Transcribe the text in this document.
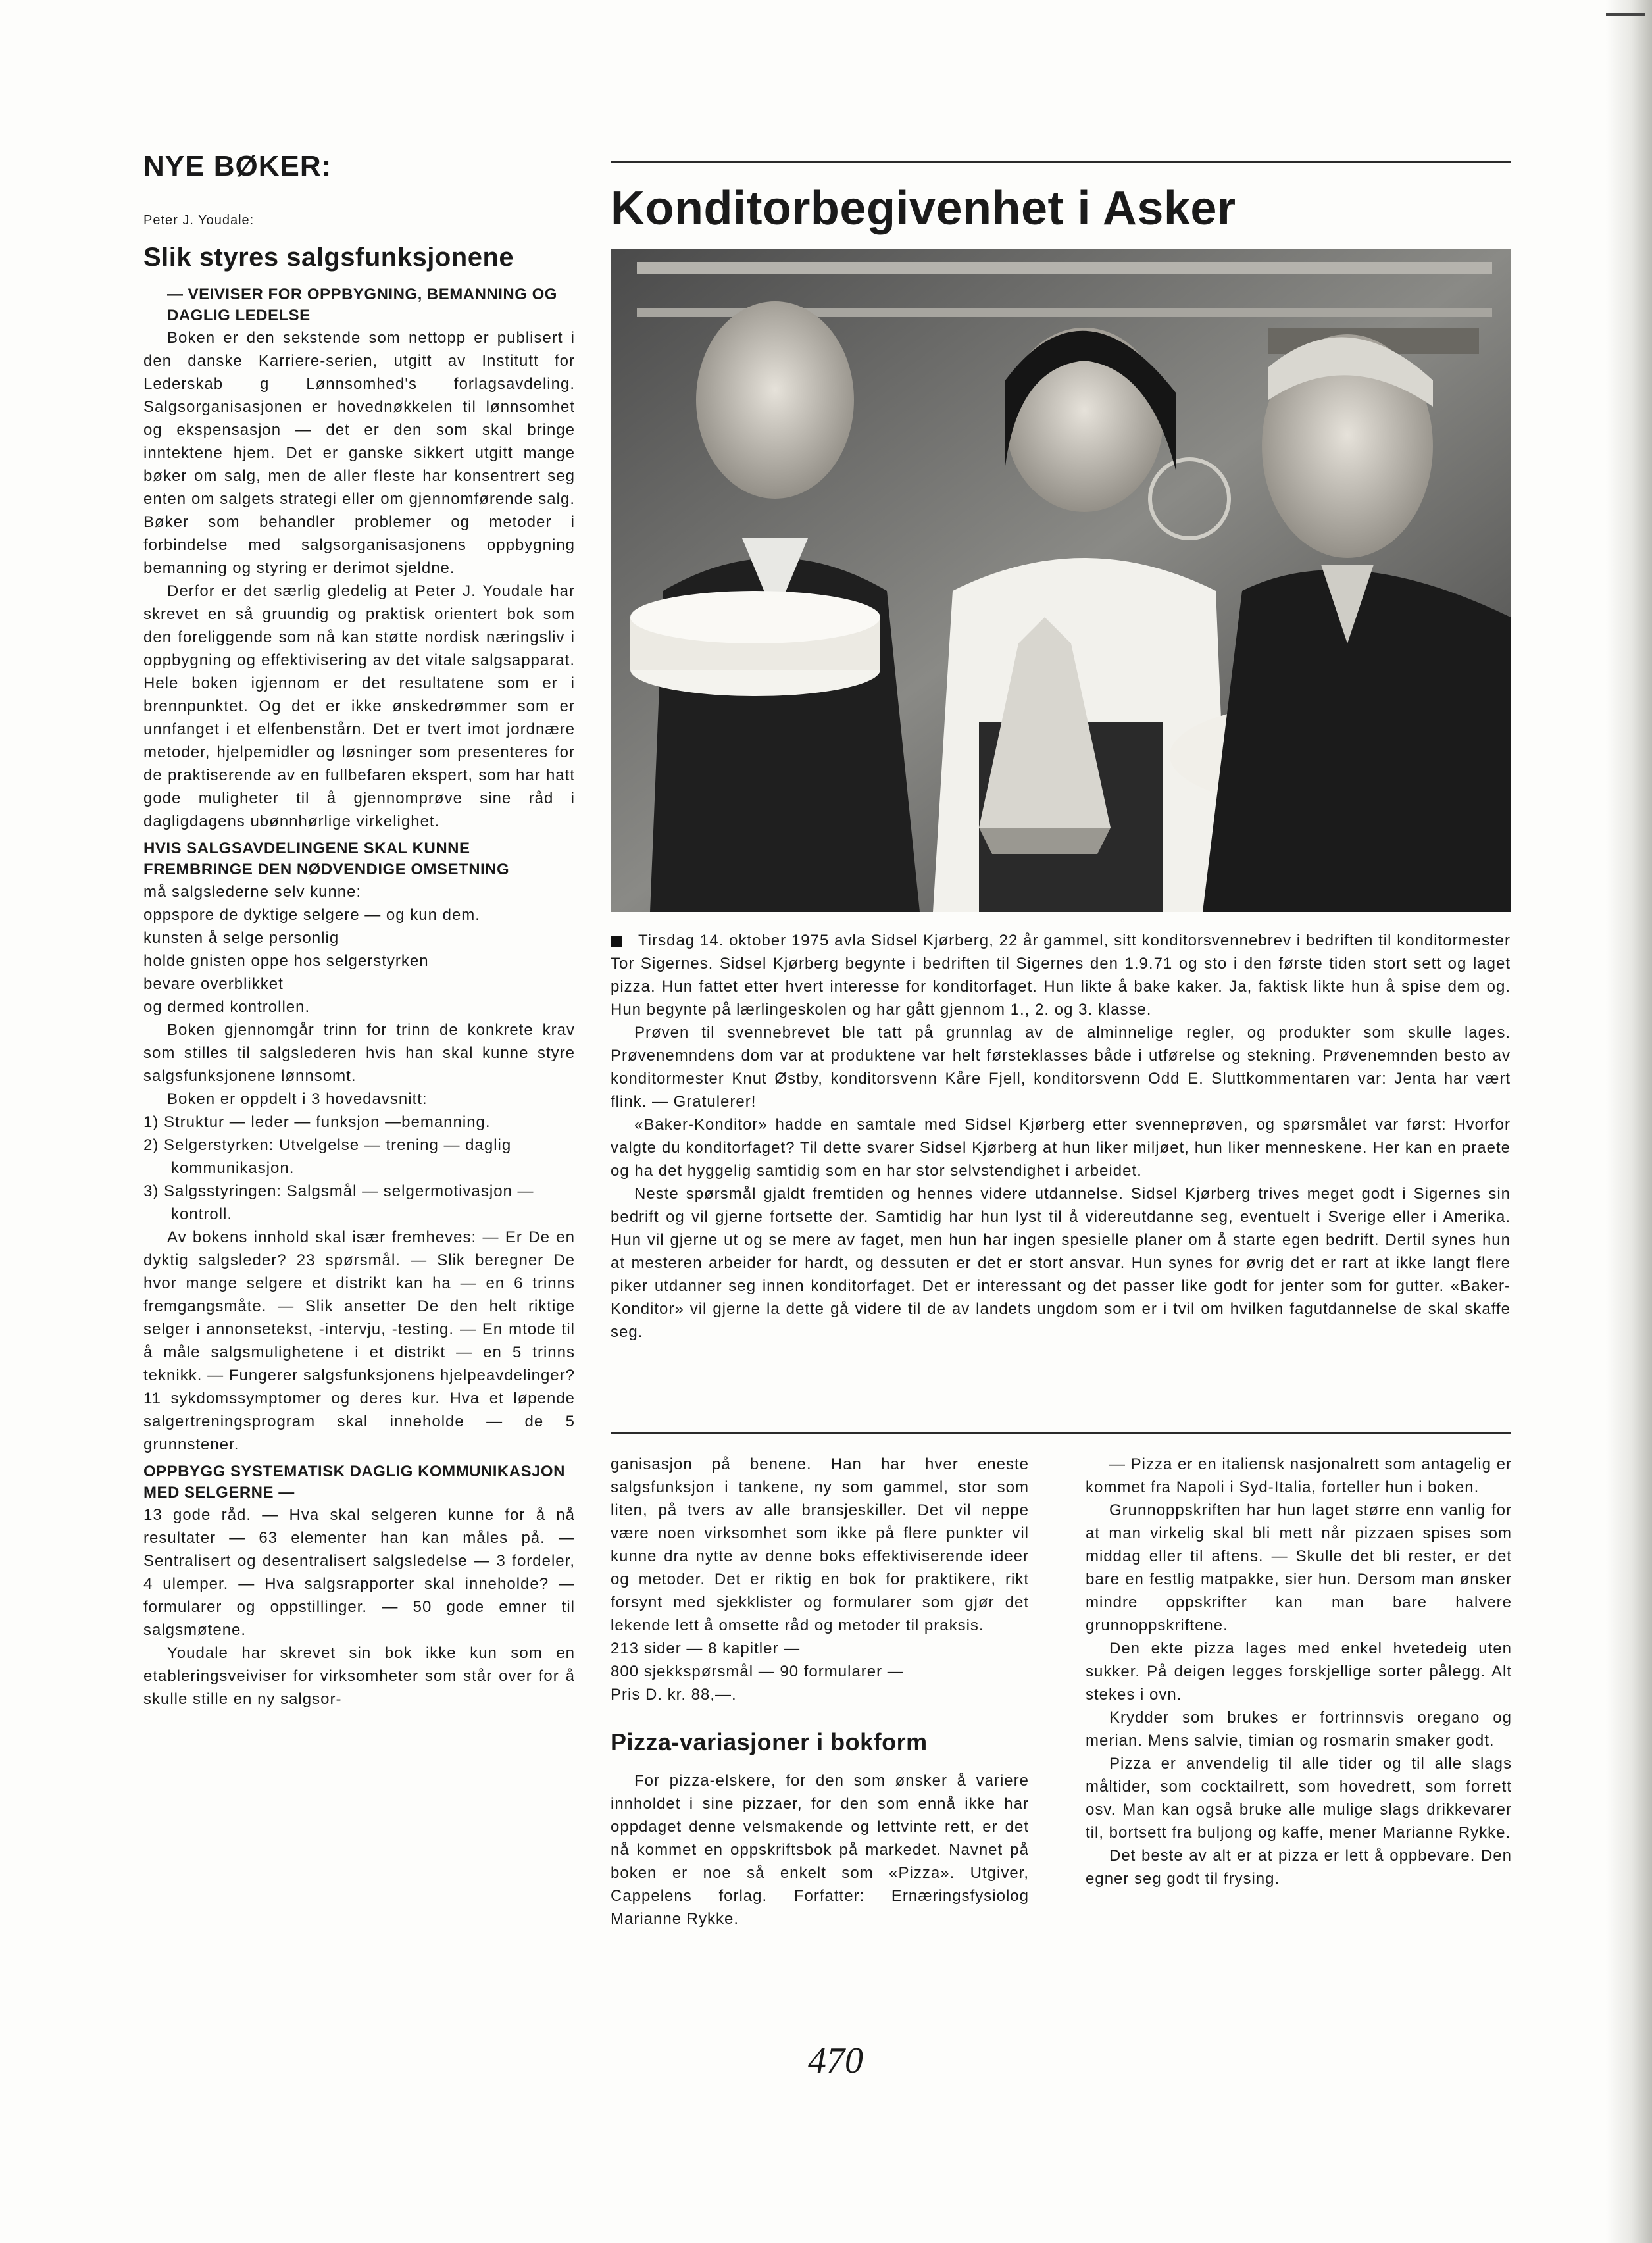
NYE BØKER:

Peter J. Youdale:

Slik styres salgsfunksjonene

— VEIVISER FOR OPPBYGNING, BEMANNING OG DAGLIG LEDELSE

Boken er den sekstende som nettopp er publisert i den danske Karriere-serien, utgitt av Institutt for Lederskab g Lønnsomhed's forlagsavdeling. Salgsorganisasjonen er hovednøkkelen til lønnsomhet og ekspensasjon — det er den som skal bringe inntektene hjem. Det er ganske sikkert utgitt mange bøker om salg, men de aller fleste har konsentrert seg enten om salgets strategi eller om gjennomførende salg. Bøker som behandler problemer og metoder i forbindelse med salgsorganisasjonens oppbygning bemanning og styring er derimot sjeldne.

Derfor er det særlig gledelig at Peter J. Youdale har skrevet en så gruundig og praktisk orientert bok som den foreliggende som nå kan støtte nordisk næringsliv i oppbygning og effektivisering av det vitale salgsapparat. Hele boken igjennom er det resultatene som er i brennpunktet. Og det er ikke ønskedrømmer som er unnfanget i et elfenbenstårn. Det er tvert imot jordnære metoder, hjelpemidler og løsninger som presenteres for de praktiserende av en fullbefaren ekspert, som har hatt gode muligheter til å gjennomprøve sine råd i dagligdagens ubønnhørlige virkelighet.

HVIS SALGSAVDELINGENE SKAL KUNNE FREMBRINGE DEN NØDVENDIGE OMSETNING

må salgslederne selv kunne:

oppspore de dyktige selgere — og kun dem.

kunsten å selge personlig

holde gnisten oppe hos selgerstyrken

bevare overblikket

og dermed kontrollen.

Boken gjennomgår trinn for trinn de konkrete krav som stilles til salgslederen hvis han skal kunne styre salgsfunksjonene lønnsomt.

Boken er oppdelt i 3 hovedavsnitt:

1) Struktur — leder — funksjon —bemanning.

2) Selgerstyrken: Utvelgelse — trening — daglig kommunikasjon.

3) Salgsstyringen: Salgsmål — selgermotivasjon — kontroll.

Av bokens innhold skal især fremheves: — Er De en dyktig salgsleder? 23 spørsmål. — Slik beregner De hvor mange selgere et distrikt kan ha — en 6 trinns fremgangsmåte. — Slik ansetter De den helt riktige selger i annonsetekst, -intervju, -testing. — En mtode til å måle salgsmulighetene i et distrikt — en 5 trinns teknikk. — Fungerer salgsfunksjonens hjelpeavdelinger? 11 sykdomssymptomer og deres kur. Hva et løpende salgertreningsprogram skal inneholde — de 5 grunnstener.

OPPBYGG SYSTEMATISK DAGLIG KOMMUNIKASJON MED SELGERNE —

13 gode råd. — Hva skal selgeren kunne for å nå resultater — 63 elementer han kan måles på. — Sentralisert og desentralisert salgsledelse — 3 fordeler, 4 ulemper. — Hva salgsrapporter skal inneholde? — formularer og oppstillinger. — 50 gode emner til salgsmøtene.

Youdale har skrevet sin bok ikke kun som en etableringsveiviser for virksomheter som står over for å skulle stille en ny salgsor-

Konditorbegivenhet i Asker

Tirsdag 14. oktober 1975 avla Sidsel Kjørberg, 22 år gammel, sitt konditorsvennebrev i bedriften til konditormester Tor Sigernes. Sidsel Kjørberg begynte i bedriften til Sigernes den 1.9.71 og sto i den første tiden stort sett og laget pizza. Hun fattet etter hvert interesse for konditorfaget. Hun likte å bake kaker. Ja, faktisk likte hun å spise dem og. Hun begynte på lærlingeskolen og har gått gjennom 1., 2. og 3. klasse.

Prøven til svennebrevet ble tatt på grunnlag av de alminnelige regler, og produkter som skulle lages. Prøvenemndens dom var at produktene var helt førsteklasses både i utførelse og stekning. Prøvenemnden besto av konditormester Knut Østby, konditorsvenn Kåre Fjell, konditorsvenn Odd E. Sluttkommentaren var: Jenta har vært flink. — Gratulerer!

«Baker-Konditor» hadde en samtale med Sidsel Kjørberg etter svenneprøven, og spørsmålet var først: Hvorfor valgte du konditorfaget? Til dette svarer Sidsel Kjørberg at hun liker miljøet, hun liker menneskene. Her kan en praete og ha det hyggelig samtidig som en har stor selvstendighet i arbeidet.

Neste spørsmål gjaldt fremtiden og hennes videre utdannelse. Sidsel Kjørberg trives meget godt i Sigernes sin bedrift og vil gjerne fortsette der. Samtidig har hun lyst til å videreutdanne seg, eventuelt i Sverige eller i Amerika. Hun vil gjerne ut og se mere av faget, men hun har ingen spesielle planer om å starte egen bedrift. Dertil synes hun at mesteren arbeider for hardt, og dessuten er det er stort ansvar. Hun synes for øvrig det er rart at ikke langt flere piker utdanner seg innen konditorfaget. Det er interessant og det passer like godt for jenter som for gutter. «Baker-Konditor» vil gjerne la dette gå videre til de av landets ungdom som er i tvil om hvilken fagutdannelse de skal skaffe seg.

ganisasjon på benene. Han har hver eneste salgsfunksjon i tankene, ny som gammel, stor som liten, på tvers av alle bransjeskiller. Det vil neppe være noen virksomhet som ikke på flere punkter vil kunne dra nytte av denne boks effektiviserende ideer og metoder. Det er riktig en bok for praktikere, rikt forsynt med sjekklister og formularer som gjør det lekende lett å omsette råd og metoder til praksis.

213 sider — 8 kapitler —

800 sjekkspørsmål — 90 formularer —

Pris D. kr. 88,—.

Pizza-variasjoner i bokform

For pizza-elskere, for den som ønsker å variere innholdet i sine pizzaer, for den som ennå ikke har oppdaget denne velsmakende og lettvinte rett, er det nå kommet en oppskriftsbok på markedet. Navnet på boken er noe så enkelt som «Pizza». Utgiver, Cappelens forlag. Forfatter: Ernæringsfysiolog Marianne Rykke.

— Pizza er en italiensk nasjonalrett som antagelig er kommet fra Napoli i Syd-Italia, forteller hun i boken.

Grunnoppskriften har hun laget større enn vanlig for at man virkelig skal bli mett når pizzaen spises som middag eller til aftens. — Skulle det bli rester, er det bare en festlig matpakke, sier hun. Dersom man ønsker mindre oppskrifter kan man bare halvere grunnoppskriftene.

Den ekte pizza lages med enkel hvetedeig uten sukker. På deigen legges forskjellige sorter pålegg. Alt stekes i ovn.

Krydder som brukes er fortrinnsvis oregano og merian. Mens salvie, timian og rosmarin smaker godt.

Pizza er anvendelig til alle tider og til alle slags måltider, som cocktailrett, som hovedrett, som forrett osv. Man kan også bruke alle mulige slags drikkevarer til, bortsett fra buljong og kaffe, mener Marianne Rykke.

Det beste av alt er at pizza er lett å oppbevare. Den egner seg godt til frysing.

470
